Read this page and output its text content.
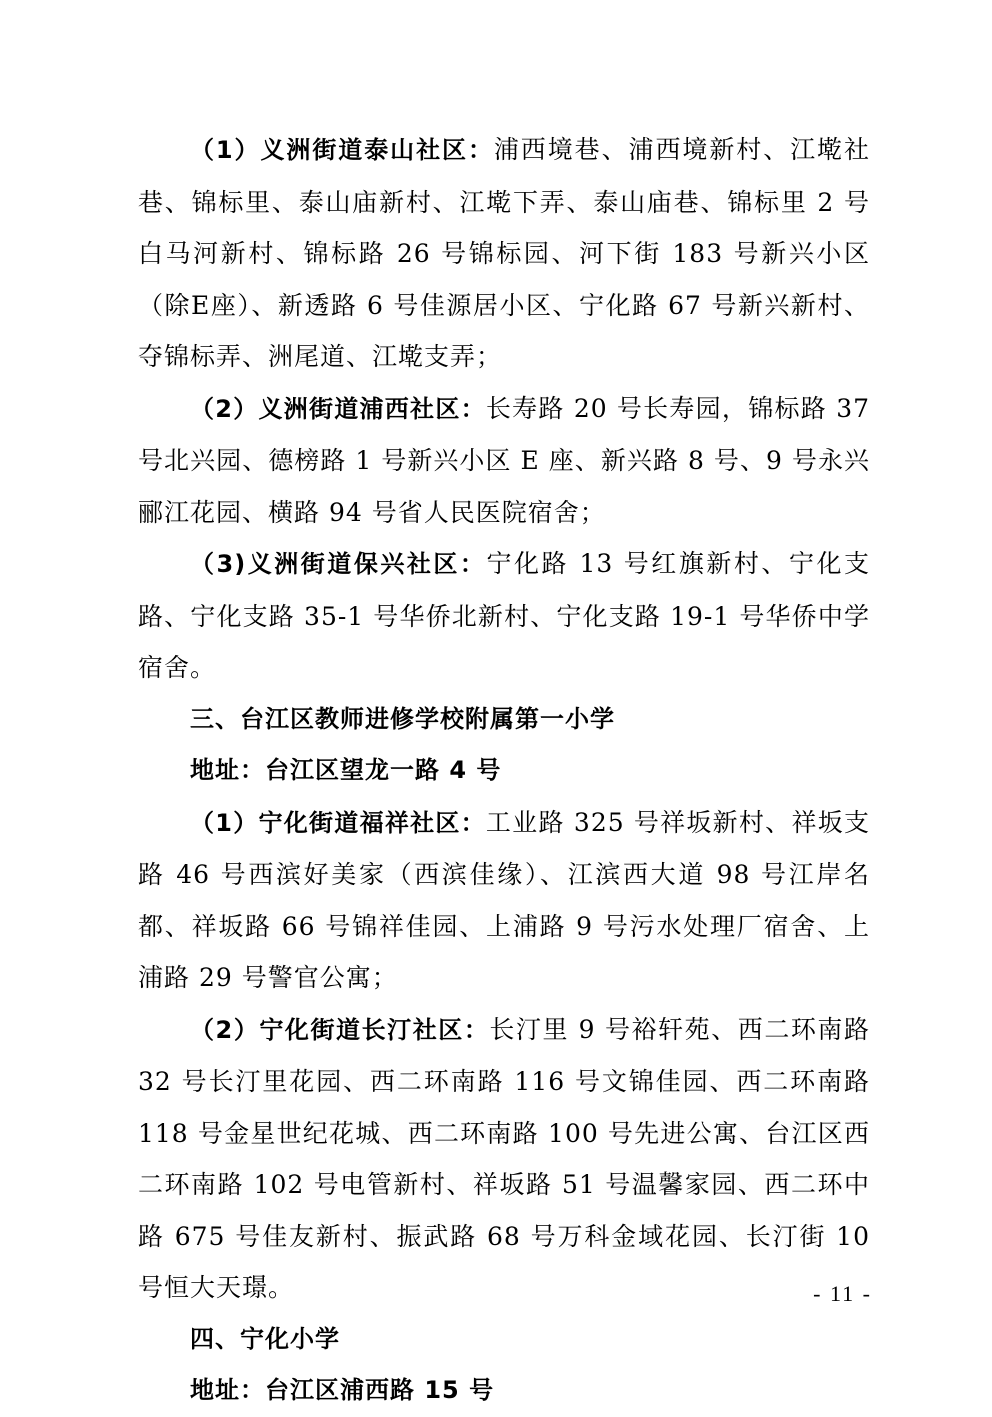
（1）义洲街道泰山社区：浦西境巷、浦西境新村、江墘社巷、锦标里、泰山庙新村、江墘下弄、泰山庙巷、锦标里 2 号白马河新村、锦标路 26 号锦标园、河下街 183 号新兴小区（除E座）、新透路 6 号佳源居小区、宁化路 67 号新兴新村、夺锦标弄、洲尾道、江墘支弄；

（2）义洲街道浦西社区：长寿路 20 号长寿园，锦标路 37 号北兴园、德榜路 1 号新兴小区 E 座、新兴路 8 号、9 号永兴郦江花园、横路 94 号省人民医院宿舍；

（3)义洲街道保兴社区：宁化路 13 号红旗新村、宁化支路、宁化支路 35-1 号华侨北新村、宁化支路 19-1 号华侨中学宿舍。

三、台江区教师进修学校附属第一小学

地址：台江区望龙一路 4 号

（1）宁化街道福祥社区：工业路 325 号祥坂新村、祥坂支路 46 号西滨好美家（西滨佳缘）、江滨西大道 98 号江岸名都、祥坂路 66 号锦祥佳园、上浦路 9 号污水处理厂宿舍、上浦路 29 号警官公寓；

（2）宁化街道长汀社区：长汀里 9 号裕轩苑、西二环南路 32 号长汀里花园、西二环南路 116 号文锦佳园、西二环南路 118 号金星世纪花城、西二环南路 100 号先进公寓、台江区西二环南路 102 号电管新村、祥坂路 51 号温馨家园、西二环中路 675 号佳友新村、振武路 68 号万科金域花园、长汀街 10 号恒大天璟。

四、宁化小学

地址：台江区浦西路 15 号

- 11 -
